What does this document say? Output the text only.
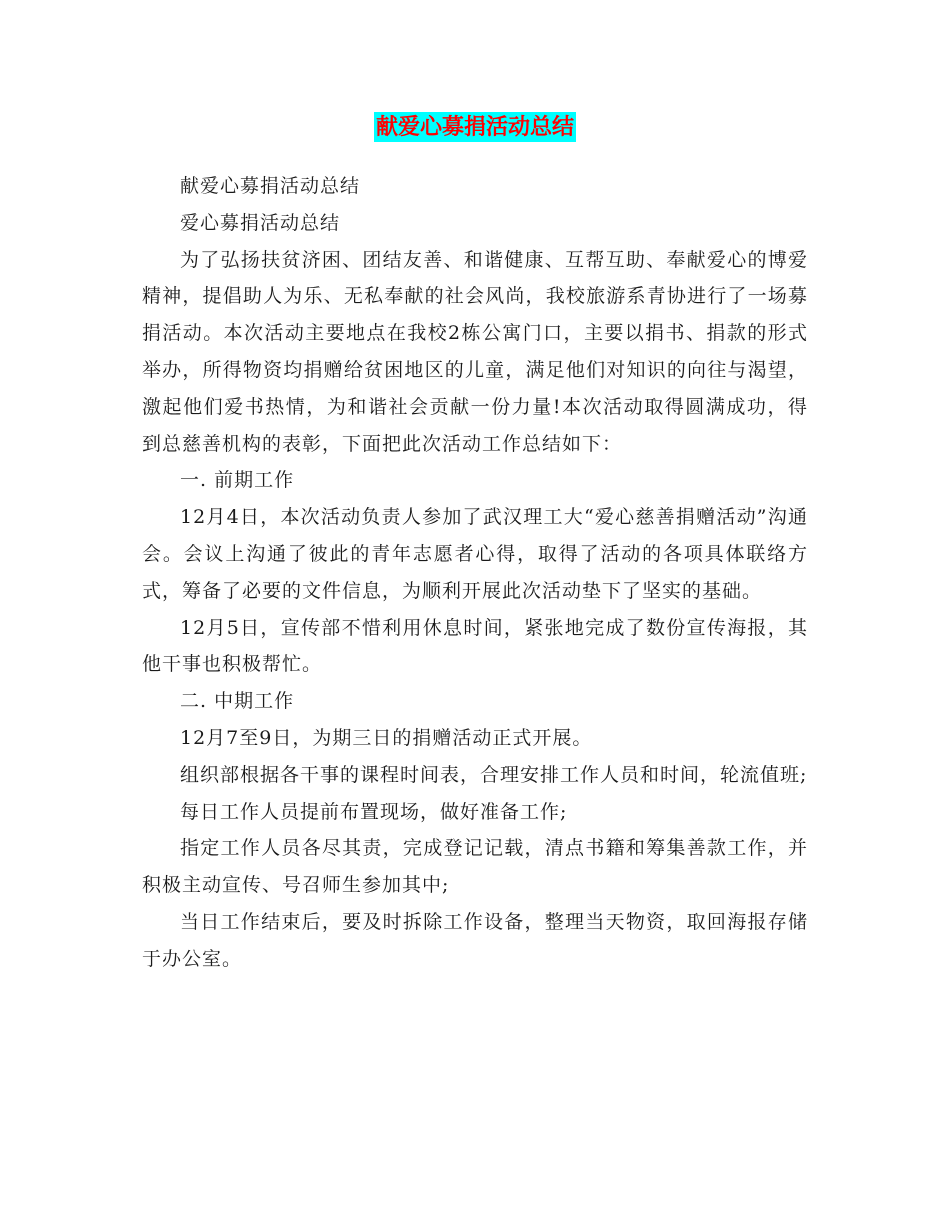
献爱心募捐活动总结

献爱心募捐活动总结

爱心募捐活动总结

为了弘扬扶贫济困、团结友善、和谐健康、互帮互助、奉献爱心的博爱精神，提倡助人为乐、无私奉献的社会风尚，我校旅游系青协进行了一场募捐活动。本次活动主要地点在我校2栋公寓门口，主要以捐书、捐款的形式举办，所得物资均捐赠给贫困地区的儿童，满足他们对知识的向往与渴望，激起他们爱书热情，为和谐社会贡献一份力量!本次活动取得圆满成功，得到总慈善机构的表彰，下面把此次活动工作总结如下：

一. 前期工作

12月4日，本次活动负责人参加了武汉理工大“爱心慈善捐赠活动”沟通会。会议上沟通了彼此的青年志愿者心得，取得了活动的各项具体联络方式，筹备了必要的文件信息，为顺利开展此次活动垫下了坚实的基础。

12月5日，宣传部不惜利用休息时间，紧张地完成了数份宣传海报，其他干事也积极帮忙。

二. 中期工作

12月7至9日，为期三日的捐赠活动正式开展。

组织部根据各干事的课程时间表，合理安排工作人员和时间，轮流值班;

每日工作人员提前布置现场，做好准备工作;

指定工作人员各尽其责，完成登记记载，清点书籍和筹集善款工作，并积极主动宣传、号召师生参加其中;

当日工作结束后，要及时拆除工作设备，整理当天物资，取回海报存储于办公室。
